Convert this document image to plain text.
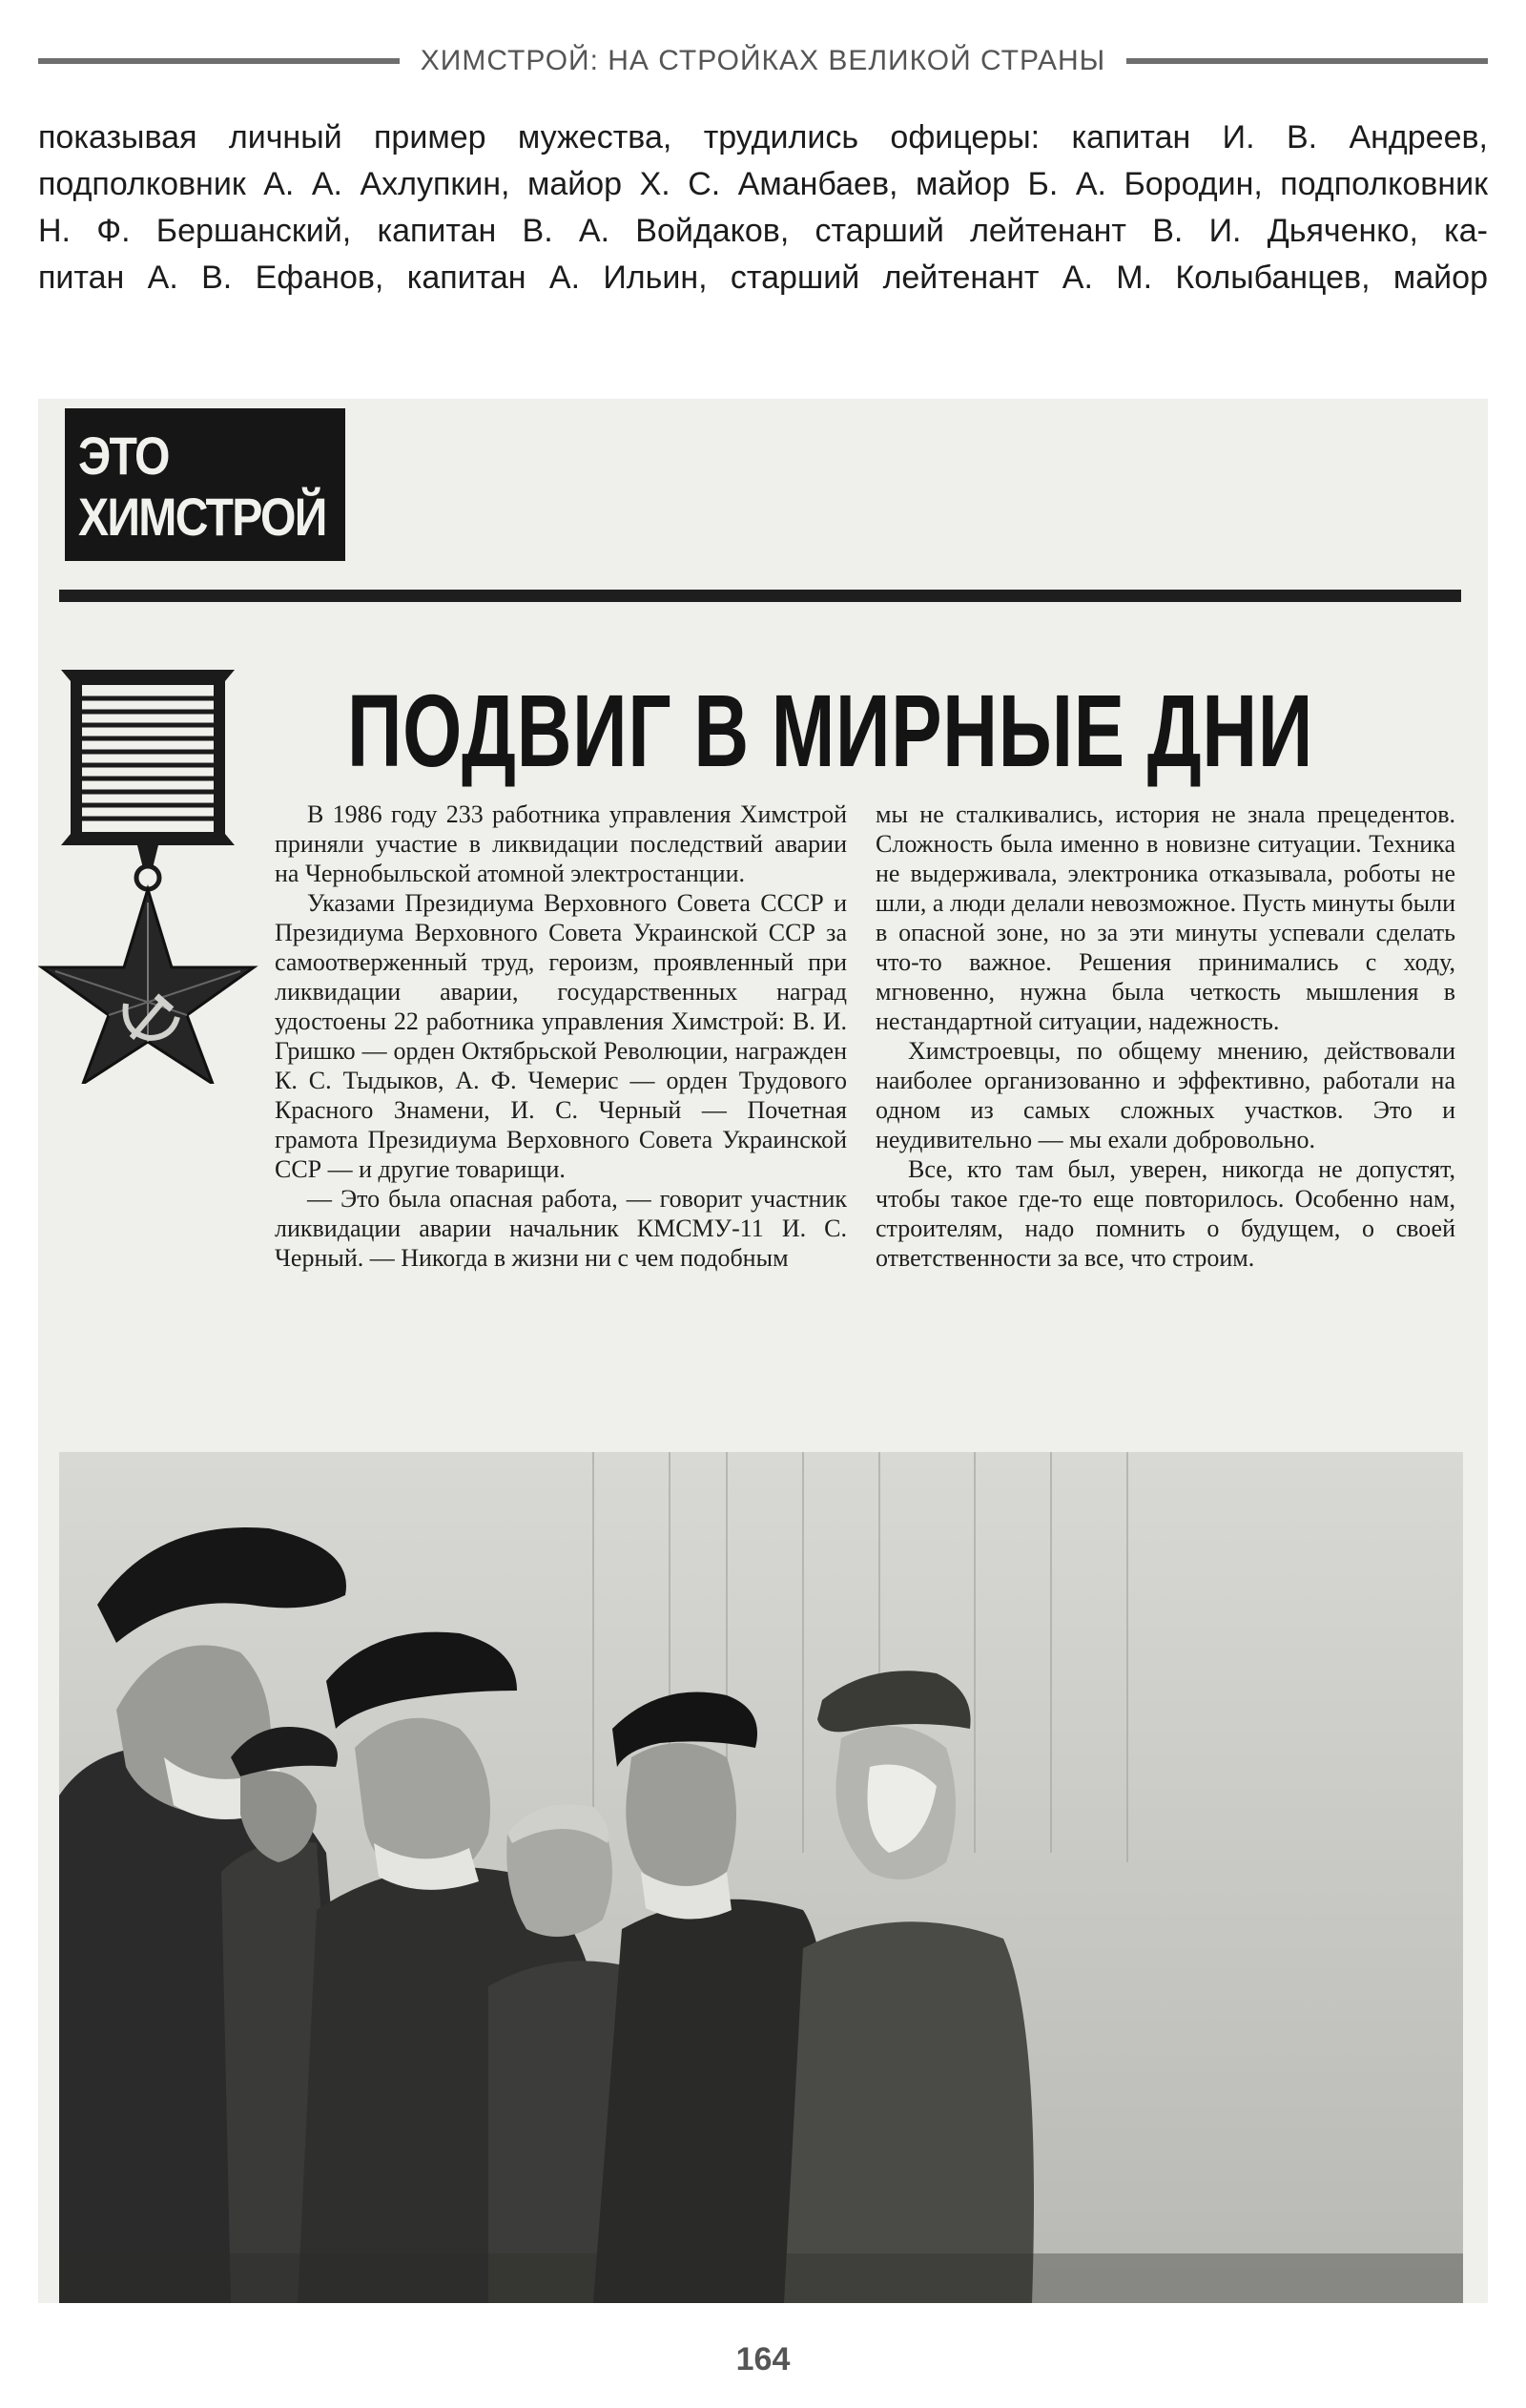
ХИМСТРОЙ: НА СТРОЙКАХ ВЕЛИКОЙ СТРАНЫ
показывая личный пример мужества, трудились офицеры: капитан И. В. Андреев,
подполковник А. А. Ахлупкин, майор Х. С. Аманбаев, майор Б. А. Бородин, подполковник
Н. Ф. Бершанский, капитан В. А. Войдаков, старший лейтенант В. И. Дьяченко, ка-
питан А. В. Ефанов, капитан А. Ильин, старший лейтенант А. М. Колыбанцев, майор
ЭТО
ХИМСТРОЙ
ПОДВИГ В МИРНЫЕ ДНИ

В 1986 году 233 работника управления Химстрой приняли участие в ликвидации последствий аварии на Чернобыльской атомной электростанции.

Указами Президиума Верховного Совета СССР и Президиума Верховного Совета Украинской ССР за самоотверженный труд, героизм, проявленный при ликвидации аварии, государственных наград удостоены 22 работника управления Химстрой: В. И. Гришко — орден Октябрьской Революции, награжден К. С. Тыдыков, А. Ф. Чемерис — орден Трудового Красного Знамени, И. С. Черный — Почетная грамота Президиума Верховного Совета Украинской ССР — и другие товарищи.

— Это была опасная работа, — говорит участник ликвидации аварии начальник КМСМУ-11 И. С. Черный. — Никогда в жизни ни с чем подобным

мы не сталкивались, история не знала прецедентов. Сложность была именно в новизне ситуации. Техника не выдерживала, электроника отказывала, роботы не шли, а люди делали невозможное. Пусть минуты были в опасной зоне, но за эти минуты успевали сделать что-то важное. Решения принимались с ходу, мгновенно, нужна была четкость мышления в нестандартной ситуации, надежность.

Химстроевцы, по общему мнению, действовали наиболее организованно и эффективно, работали на одном из самых сложных участков. Это и неудивительно — мы ехали добровольно.

Все, кто там был, уверен, никогда не допустят, чтобы такое где-то еще повторилось. Особенно нам, строителям, надо помнить о будущем, о своей ответственности за все, что строим.

164
